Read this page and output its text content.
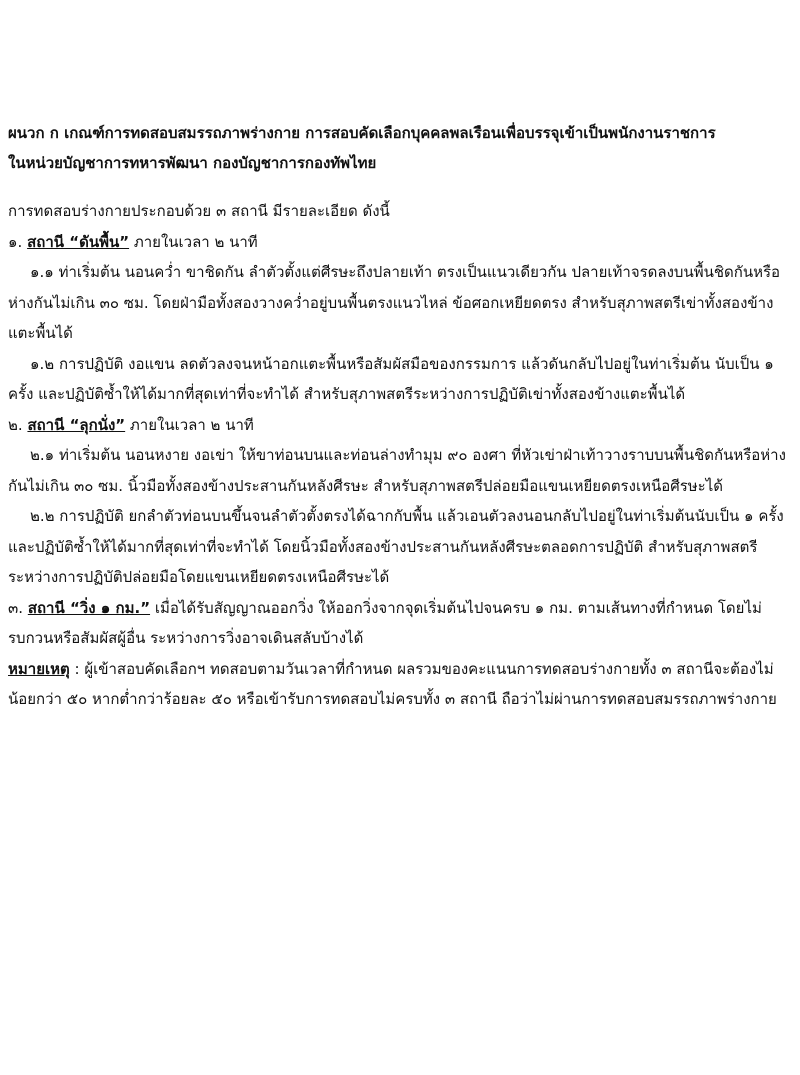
ผนวก ก เกณฑ์การทดสอบสมรรถภาพร่างกาย การสอบคัดเลือกบุคคลพลเรือนเพื่อบรรจุเข้าเป็นพนักงานราชการ
ในหน่วยบัญชาการทหารพัฒนา กองบัญชาการกองทัพไทย

การทดสอบร่างกายประกอบด้วย ๓ สถานี มีรายละเอียด ดังนี้

๑. สถานี “ดันพื้น” ภายในเวลา ๒ นาที

๑.๑ ท่าเริ่มต้น นอนคว่ำ ขาชิดกัน ลำตัวตั้งแต่ศีรษะถึงปลายเท้า ตรงเป็นแนวเดียวกัน ปลายเท้าจรดลงบนพื้นชิดกันหรือห่างกันไม่เกิน ๓๐ ซม. โดยฝ่ามือทั้งสองวางคว่ำอยู่บนพื้นตรงแนวไหล่ ข้อศอกเหยียดตรง สำหรับสุภาพสตรีเข่าทั้งสองข้างแตะพื้นได้

๑.๒ การปฏิบัติ งอแขน ลดตัวลงจนหน้าอกแตะพื้นหรือสัมผัสมือของกรรมการ แล้วดันกลับไปอยู่ในท่าเริ่มต้น นับเป็น ๑ ครั้ง และปฏิบัติซ้ำให้ได้มากที่สุดเท่าที่จะทำได้ สำหรับสุภาพสตรีระหว่างการปฏิบัติเข่าทั้งสองข้างแตะพื้นได้

๒. สถานี “ลุกนั่ง” ภายในเวลา ๒ นาที

๒.๑ ท่าเริ่มต้น นอนหงาย งอเข่า ให้ขาท่อนบนและท่อนล่างทำมุม ๙๐ องศา ที่หัวเข่าฝ่าเท้าวางราบบนพื้นชิดกันหรือห่างกันไม่เกิน ๓๐ ซม. นิ้วมือทั้งสองข้างประสานกันหลังศีรษะ สำหรับสุภาพสตรีปล่อยมือแขนเหยียดตรงเหนือศีรษะได้

๒.๒ การปฏิบัติ ยกลำตัวท่อนบนขึ้นจนลำตัวตั้งตรงได้ฉากกับพื้น แล้วเอนตัวลงนอนกลับไปอยู่ในท่าเริ่มต้นนับเป็น ๑ ครั้ง และปฏิบัติซ้ำให้ได้มากที่สุดเท่าที่จะทำได้ โดยนิ้วมือทั้งสองข้างประสานกันหลังศีรษะตลอดการปฏิบัติ สำหรับสุภาพสตรีระหว่างการปฏิบัติปล่อยมือโดยแขนเหยียดตรงเหนือศีรษะได้

๓. สถานี “วิ่ง ๑ กม.” เมื่อได้รับสัญญาณออกวิ่ง ให้ออกวิ่งจากจุดเริ่มต้นไปจนครบ ๑ กม. ตามเส้นทางที่กำหนด โดยไม่รบกวนหรือสัมผัสผู้อื่น ระหว่างการวิ่งอาจเดินสลับบ้างได้

หมายเหตุ : ผู้เข้าสอบคัดเลือกฯ ทดสอบตามวันเวลาที่กำหนด ผลรวมของคะแนนการทดสอบร่างกายทั้ง ๓ สถานีจะต้องไม่น้อยกว่า ๕๐ หากต่ำกว่าร้อยละ ๕๐ หรือเข้ารับการทดสอบไม่ครบทั้ง ๓ สถานี ถือว่าไม่ผ่านการทดสอบสมรรถภาพร่างกาย
